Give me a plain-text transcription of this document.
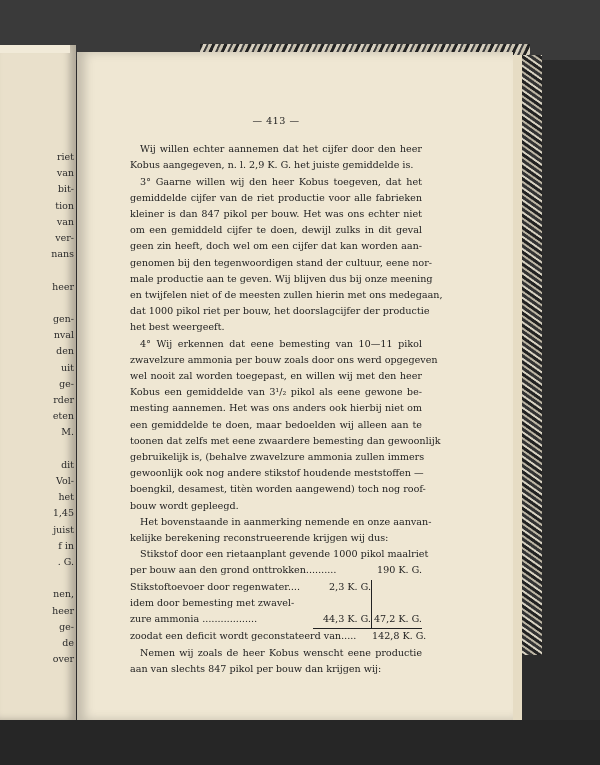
riet
van
bit-
tion
van
ver-
nans
heer
gen-
nval
den
uit
ge-
rder
eten
M.
dit
Vol-
het
1,45
juist
f in
. G.
nen,
heer
ge-
de
over
— 413 —
Wij willen echter aannemen dat het cijfer door den heer
Kobus aangegeven, n. l. 2,9 K. G. het juiste gemiddelde is.
3° Gaarne willen wij den heer Kobus toegeven, dat het
gemiddelde cijfer van de riet productie voor alle fabrieken
kleiner is dan 847 pikol per bouw. Het was ons echter niet
om een gemiddeld cijfer te doen, dewijl zulks in dit geval
geen zin heeft, doch wel om een cijfer dat kan worden aan-
genomen bij den tegenwoordigen stand der cultuur, eene nor-
male productie aan te geven. Wij blijven dus bij onze meening
en twijfelen niet of de meesten zullen hierin met ons medegaan,
dat 1000 pikol riet per bouw, het doorslagcijfer der productie
het best weergeeft.
4° Wij erkennen dat eene bemesting van 10—11 pikol
zwavelzure ammonia per bouw zoals door ons werd opgegeven
wel nooit zal worden toegepast, en willen wij met den heer
Kobus een gemiddelde van 3¹/₂ pikol als eene gewone be-
mesting aannemen. Het was ons anders ook hierbij niet om
een gemiddelde te doen, maar bedoelden wij alleen aan te
toonen dat zelfs met eene zwaardere bemesting dan gewoonlijk
gebruikelijk is, (behalve zwavelzure ammonia zullen immers
gewoonlijk ook nog andere stikstof houdende meststoffen —
boengkil, desamest, titèn worden aangewend) toch nog roof-
bouw wordt gepleegd.
Het bovenstaande in aanmerking nemende en onze aanvan-
kelijke berekening reconstrueerende krijgen wij dus:
Stikstof door een rietaanplant gevende 1000 pikol maalriet
per bouw aan den grond onttrokken..........	190 K. G.
Stikstoftoevoer door regenwater....	2,3 K. G.
idem door bemesting met zwavel-
zure ammonia ..................	44,3 K. G. 47,2 K. G.
zoodat een deficit wordt geconstateerd van..... 142,8 K. G.
Nemen wij zoals de heer Kobus wenscht eene productie
aan van slechts 847 pikol per bouw dan krijgen wij:
